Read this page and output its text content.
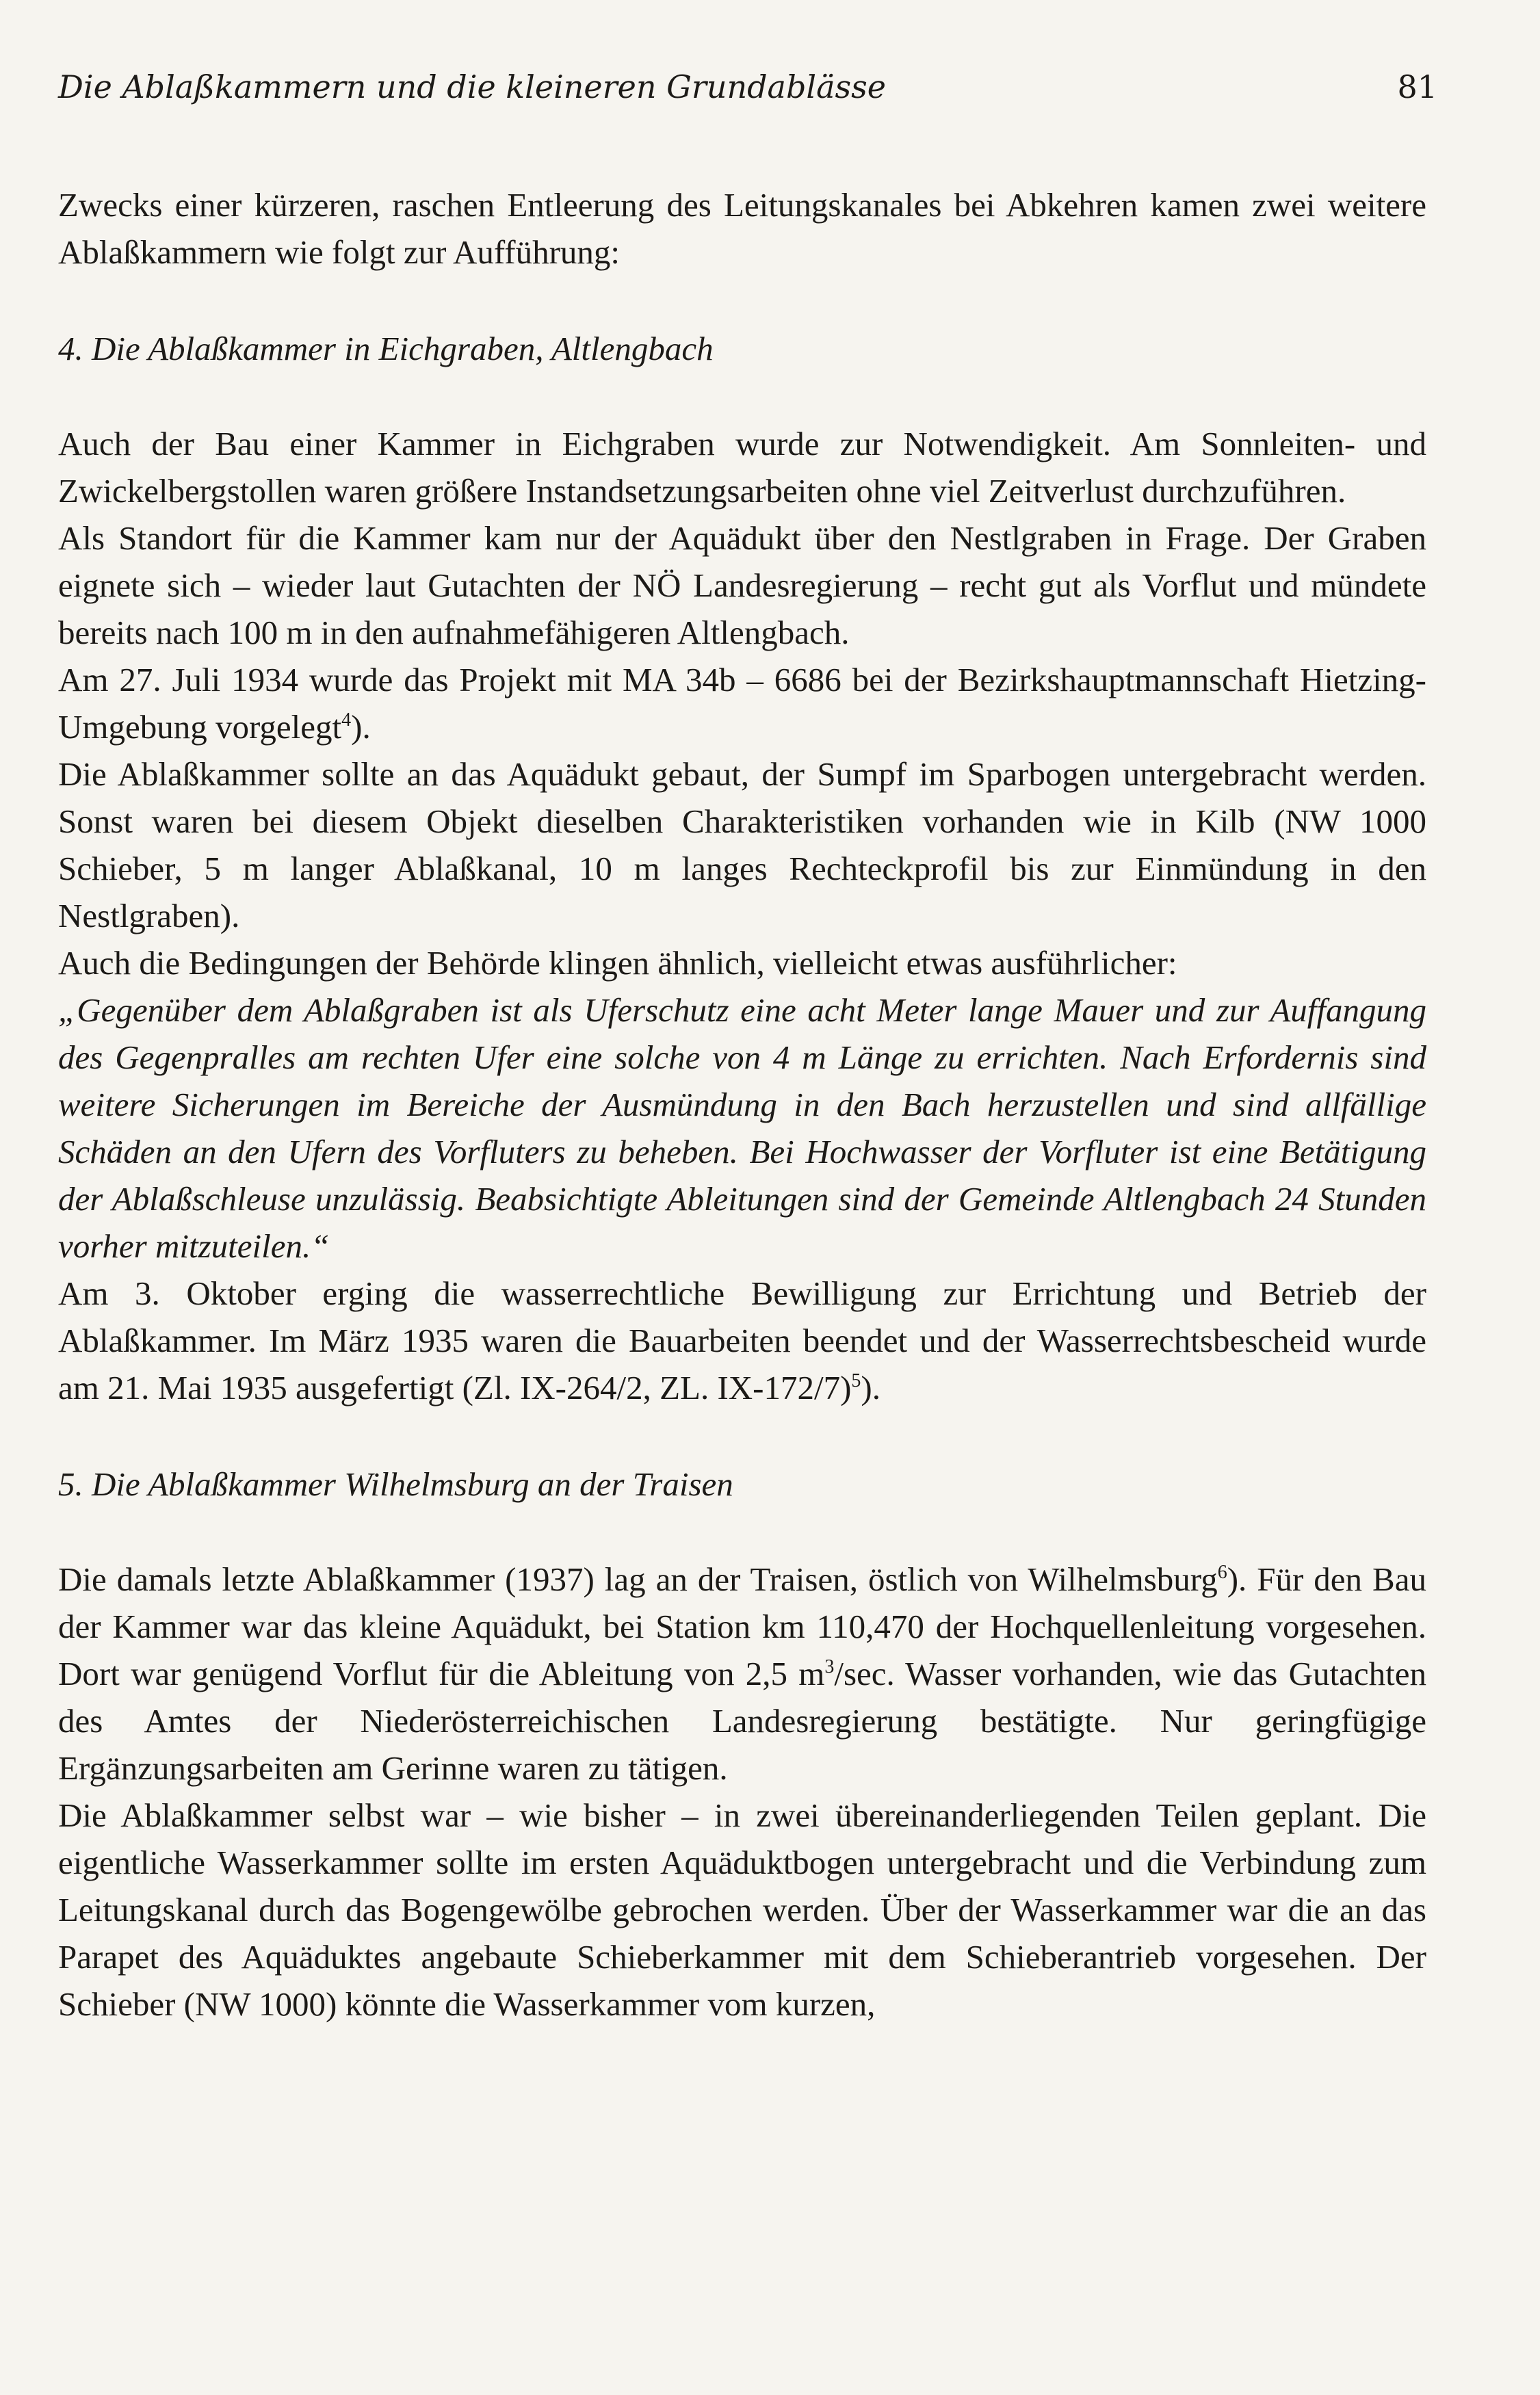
Die Ablaßkammern und die kleineren Grundablässe	81

Zwecks einer kürzeren, raschen Entleerung des Leitungskanales bei Abkehren kamen zwei weitere Ablaßkammern wie folgt zur Aufführung:

4. Die Ablaßkammer in Eichgraben, Altlengbach

Auch der Bau einer Kammer in Eichgraben wurde zur Notwendigkeit. Am Sonnleiten- und Zwickelbergstollen waren größere Instandsetzungsarbeiten ohne viel Zeitverlust durchzuführen.

Als Standort für die Kammer kam nur der Aquädukt über den Nestlgraben in Frage. Der Graben eignete sich – wieder laut Gutachten der NÖ Landesregierung – recht gut als Vorflut und mündete bereits nach 100 m in den aufnahmefähigeren Altlengbach.

Am 27. Juli 1934 wurde das Projekt mit MA 34b – 6686 bei der Bezirkshauptmannschaft Hietzing-Umgebung vorgelegt$^4$).

Die Ablaßkammer sollte an das Aquädukt gebaut, der Sumpf im Sparbogen untergebracht werden. Sonst waren bei diesem Objekt dieselben Charakteristiken vorhanden wie in Kilb (NW 1000 Schieber, 5 m langer Ablaßkanal, 10 m langes Rechteckprofil bis zur Einmündung in den Nestlgraben).

Auch die Bedingungen der Behörde klingen ähnlich, vielleicht etwas ausführlicher:

„Gegenüber dem Ablaßgraben ist als Uferschutz eine acht Meter lange Mauer und zur Auffangung des Gegenpralles am rechten Ufer eine solche von 4 m Länge zu errichten. Nach Erfordernis sind weitere Sicherungen im Bereiche der Ausmündung in den Bach herzustellen und sind allfällige Schäden an den Ufern des Vorfluters zu beheben. Bei Hochwasser der Vorfluter ist eine Betätigung der Ablaßschleuse unzulässig. Beabsichtigte Ableitungen sind der Gemeinde Altlengbach 24 Stunden vorher mitzuteilen.“

Am 3. Oktober erging die wasserrechtliche Bewilligung zur Errichtung und Betrieb der Ablaßkammer. Im März 1935 waren die Bauarbeiten beendet und der Wasserrechtsbescheid wurde am 21. Mai 1935 ausgefertigt (Zl. IX-264/2, ZL. IX-172/7)$^5$).

5. Die Ablaßkammer Wilhelmsburg an der Traisen

Die damals letzte Ablaßkammer (1937) lag an der Traisen, östlich von Wilhelmsburg$^6$). Für den Bau der Kammer war das kleine Aquädukt, bei Station km 110,470 der Hochquellenleitung vorgesehen. Dort war genügend Vorflut für die Ableitung von 2,5 $m^3/\sec$. Wasser vorhanden, wie das Gutachten des Amtes der Niederösterreichischen Landesregierung bestätigte. Nur geringfügige Ergänzungsarbeiten am Gerinne waren zu tätigen.

Die Ablaßkammer selbst war – wie bisher – in zwei übereinanderliegenden Teilen geplant. Die eigentliche Wasserkammer sollte im ersten Aquäduktbogen untergebracht und die Verbindung zum Leitungskanal durch das Bogengewölbe gebrochen werden. Über der Wasserkammer war die an das Parapet des Aquäduktes angebaute Schieberkammer mit dem Schieberantrieb vorgesehen. Der Schieber (NW 1000) könnte die Wasserkammer vom kurzen,
